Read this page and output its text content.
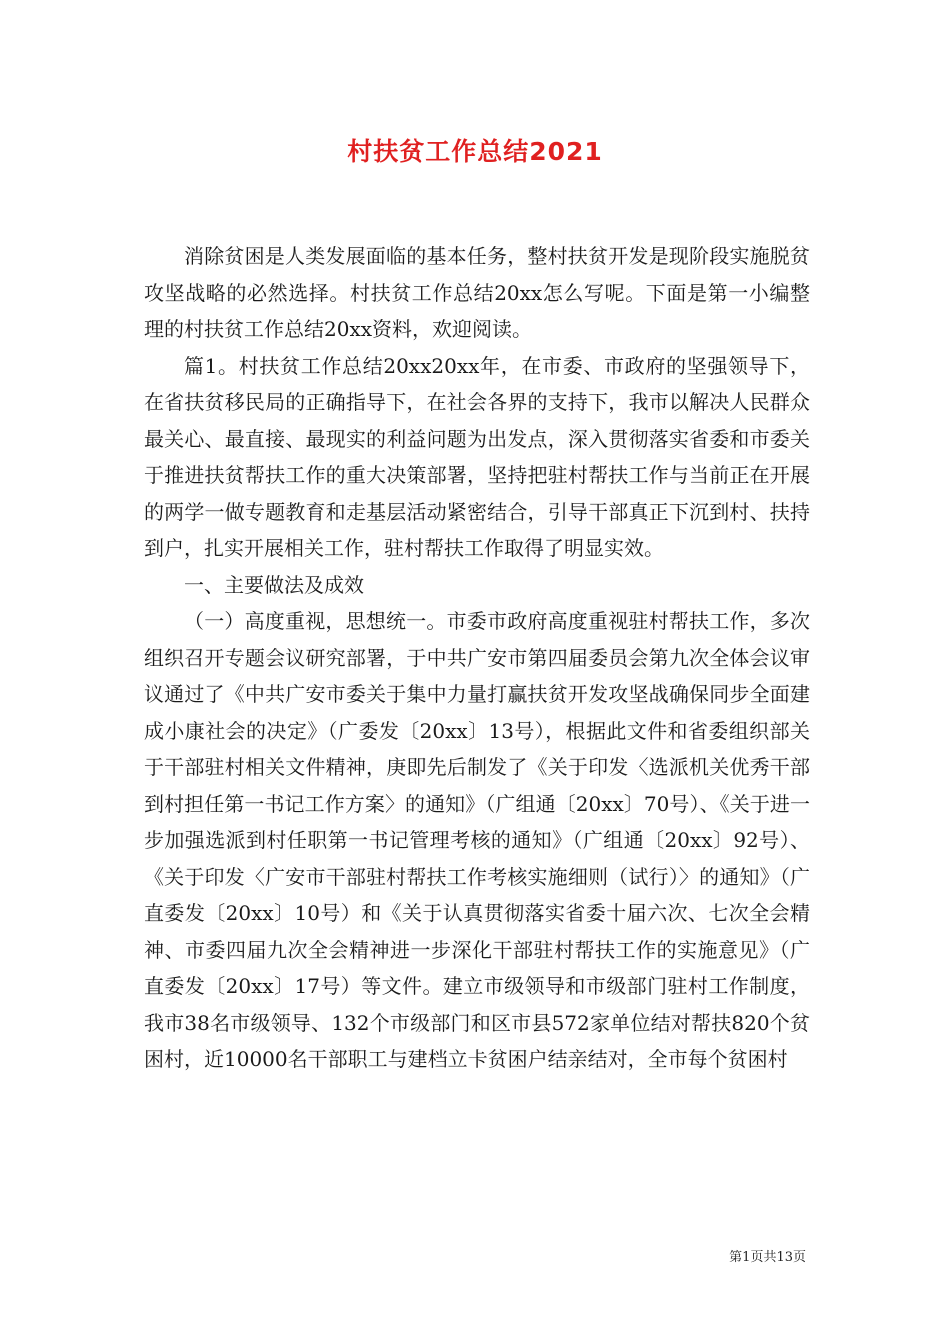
村扶贫工作总结2021

消除贫困是人类发展面临的基本任务，整村扶贫开发是现阶段实施脱贫攻坚战略的必然选择。村扶贫工作总结20xx怎么写呢。下面是第一小编整理的村扶贫工作总结20xx资料，欢迎阅读。

篇1。村扶贫工作总结20xx20xx年，在市委、市政府的坚强领导下，在省扶贫移民局的正确指导下，在社会各界的支持下，我市以解决人民群众最关心、最直接、最现实的利益问题为出发点，深入贯彻落实省委和市委关于推进扶贫帮扶工作的重大决策部署，坚持把驻村帮扶工作与当前正在开展的两学一做专题教育和走基层活动紧密结合，引导干部真正下沉到村、扶持到户，扎实开展相关工作，驻村帮扶工作取得了明显实效。

一、主要做法及成效

（一）高度重视，思想统一。市委市政府高度重视驻村帮扶工作，多次组织召开专题会议研究部署，于中共广安市第四届委员会第九次全体会议审议通过了《中共广安市委关于集中力量打赢扶贫开发攻坚战确保同步全面建成小康社会的决定》（广委发〔20xx〕13号），根据此文件和省委组织部关于干部驻村相关文件精神，庚即先后制发了《关于印发〈选派机关优秀干部到村担任第一书记工作方案〉的通知》（广组通〔20xx〕70号）、《关于进一步加强选派到村任职第一书记管理考核的通知》（广组通〔20xx〕92号）、《关于印发〈广安市干部驻村帮扶工作考核实施细则（试行）〉的通知》（广直委发〔20xx〕10号）和《关于认真贯彻落实省委十届六次、七次全会精神、市委四届九次全会精神进一步深化干部驻村帮扶工作的实施意见》（广直委发〔20xx〕17号）等文件。建立市级领导和市级部门驻村工作制度，我市38名市级领导、132个市级部门和区市县572家单位结对帮扶820个贫困村，近10000名干部职工与建档立卡贫困户结亲结对，全市每个贫困村

第1页共13页
